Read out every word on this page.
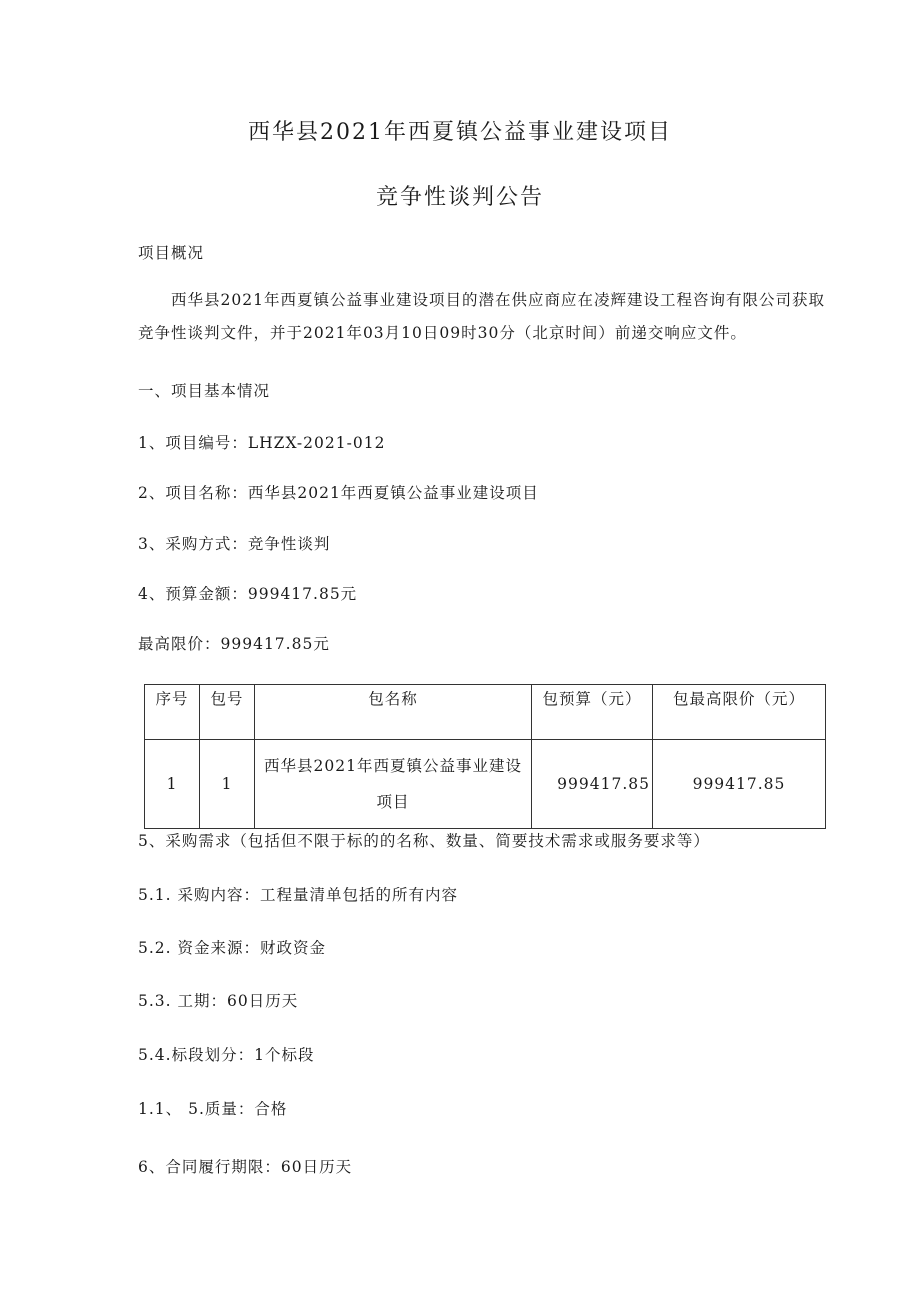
西华县2021年西夏镇公益事业建设项目
竞争性谈判公告
项目概况
西华县2021年西夏镇公益事业建设项目的潜在供应商应在凌辉建设工程咨询有限公司获取竞争性谈判文件，并于2021年03月10日09时30分（北京时间）前递交响应文件。
一、项目基本情况
1、项目编号：LHZX-2021-012
2、项目名称：西华县2021年西夏镇公益事业建设项目
3、采购方式：竞争性谈判
4、预算金额：999417.85元
最高限价：999417.85元
序号	包号	包名称	包预算（元）	包最高限价（元）
1	1	西华县2021年西夏镇公益事业建设项目	999417.85	999417.85
5、采购需求（包括但不限于标的的名称、数量、简要技术需求或服务要求等）
5.1. 采购内容：工程量清单包括的所有内容
5.2. 资金来源：财政资金
5.3. 工期：60日历天
5.4.标段划分：1个标段
1.1、 5.质量：合格
6、合同履行期限：60日历天
